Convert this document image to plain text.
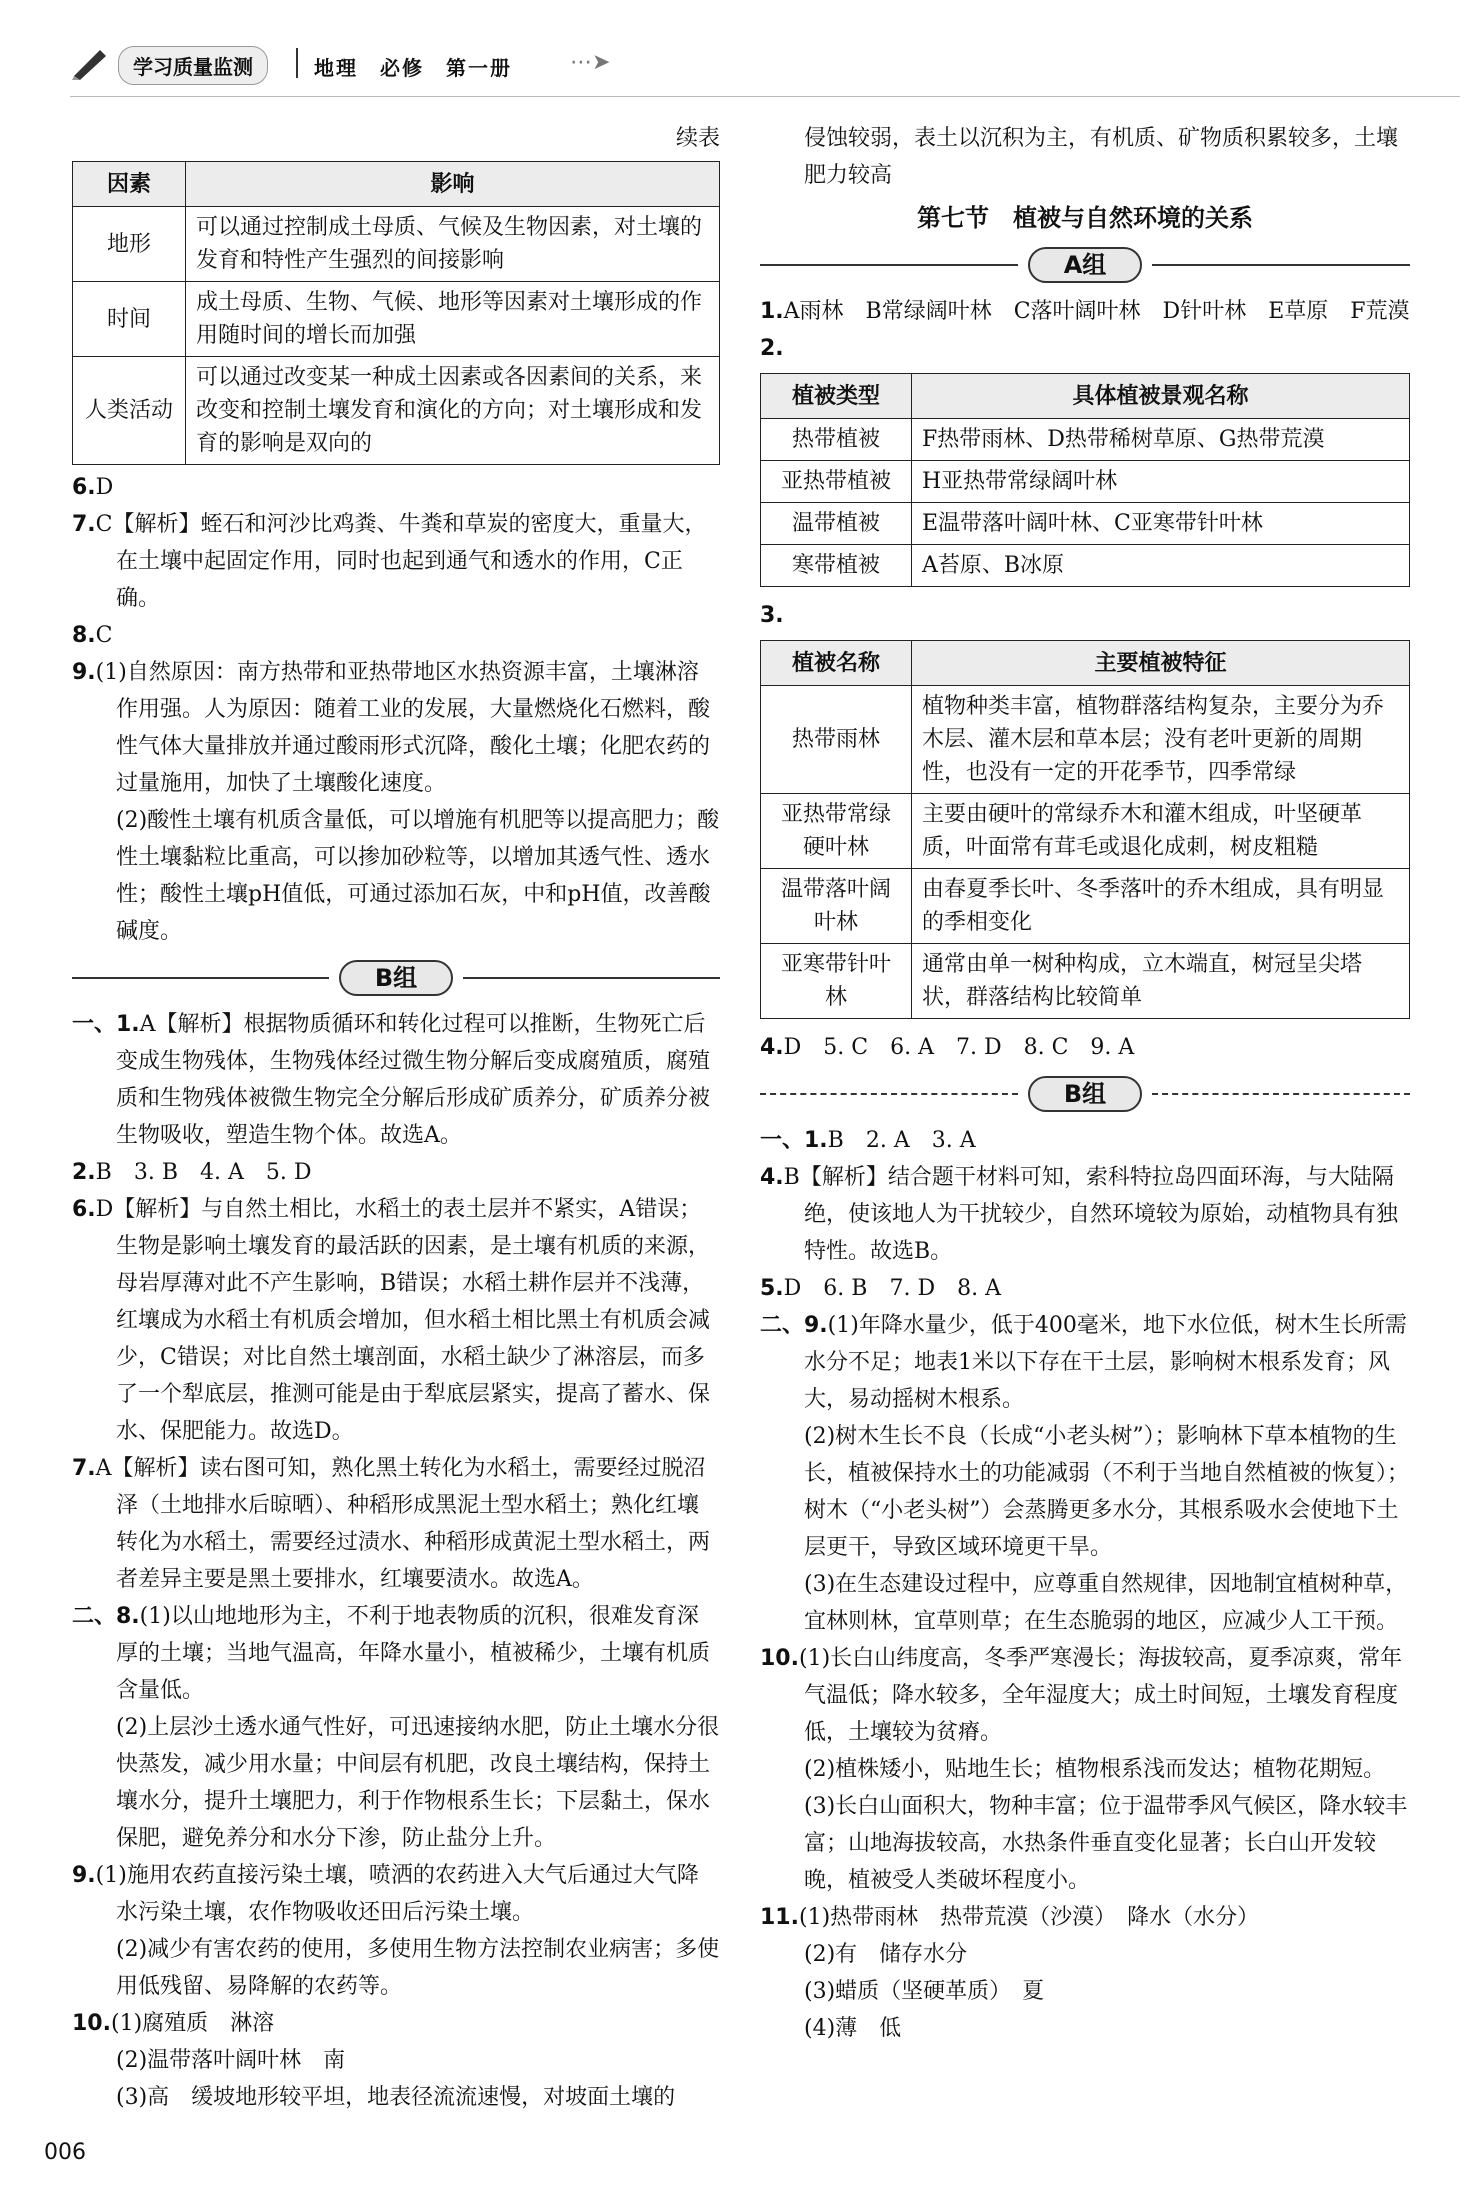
学习质量监测	地理　必修　第一册	⋯➤
续表
因素	影响
地形	可以通过控制成土母质、气候及生物因素，对土壤的发育和特性产生强烈的间接影响
时间	成土母质、生物、气候、地形等因素对土壤形成的作用随时间的增长而加强
人类活动	可以通过改变某一种成土因素或各因素间的关系，来改变和控制土壤发育和演化的方向；对土壤形成和发育的影响是双向的

6.D

7.C【解析】蛭石和河沙比鸡粪、牛粪和草炭的密度大，重量大，在土壤中起固定作用，同时也起到通气和透水的作用，C正确。

8.C

9.(1)自然原因：南方热带和亚热带地区水热资源丰富，土壤淋溶作用强。人为原因：随着工业的发展，大量燃烧化石燃料，酸性气体大量排放并通过酸雨形式沉降，酸化土壤；化肥农药的过量施用，加快了土壤酸化速度。

(2)酸性土壤有机质含量低，可以增施有机肥等以提高肥力；酸性土壤黏粒比重高，可以掺加砂粒等，以增加其透气性、透水性；酸性土壤pH值低，可通过添加石灰，中和pH值，改善酸碱度。

B组

一、1.A【解析】根据物质循环和转化过程可以推断，生物死亡后变成生物残体，生物残体经过微生物分解后变成腐殖质，腐殖质和生物残体被微生物完全分解后形成矿质养分，矿质养分被生物吸收，塑造生物个体。故选A。

2.B　3. B　4. A　5. D

6.D【解析】与自然土相比，水稻土的表土层并不紧实，A错误；生物是影响土壤发育的最活跃的因素，是土壤有机质的来源，母岩厚薄对此不产生影响，B错误；水稻土耕作层并不浅薄，红壤成为水稻土有机质会增加，但水稻土相比黑土有机质会减少，C错误；对比自然土壤剖面，水稻土缺少了淋溶层，而多了一个犁底层，推测可能是由于犁底层紧实，提高了蓄水、保水、保肥能力。故选D。

7.A【解析】读右图可知，熟化黑土转化为水稻土，需要经过脱沼泽（土地排水后晾晒）、种稻形成黑泥土型水稻土；熟化红壤转化为水稻土，需要经过渍水、种稻形成黄泥土型水稻土，两者差异主要是黑土要排水，红壤要渍水。故选A。

二、8.(1)以山地地形为主，不利于地表物质的沉积，很难发育深厚的土壤；当地气温高，年降水量小，植被稀少，土壤有机质含量低。

(2)上层沙土透水通气性好，可迅速接纳水肥，防止土壤水分很快蒸发，减少用水量；中间层有机肥，改良土壤结构，保持土壤水分，提升土壤肥力，利于作物根系生长；下层黏土，保水保肥，避免养分和水分下渗，防止盐分上升。

9.(1)施用农药直接污染土壤，喷洒的农药进入大气后通过大气降水污染土壤，农作物吸收还田后污染土壤。

(2)减少有害农药的使用，多使用生物方法控制农业病害；多使用低残留、易降解的农药等。

10.(1)腐殖质　淋溶

(2)温带落叶阔叶林　南

(3)高　缓坡地形较平坦，地表径流流速慢，对坡面土壤的

侵蚀较弱，表土以沉积为主，有机质、矿物质积累较多，土壤肥力较高

第七节　植被与自然环境的关系
A组

1.A雨林　B常绿阔叶林　C落叶阔叶林　D针叶林　E草原　F荒漠

2.

植被类型	具体植被景观名称
热带植被	F热带雨林、D热带稀树草原、G热带荒漠
亚热带植被	H亚热带常绿阔叶林
温带植被	E温带落叶阔叶林、C亚寒带针叶林
寒带植被	A苔原、B冰原

3.

植被名称	主要植被特征
热带雨林	植物种类丰富，植物群落结构复杂，主要分为乔木层、灌木层和草本层；没有老叶更新的周期性，也没有一定的开花季节，四季常绿
亚热带常绿硬叶林	主要由硬叶的常绿乔木和灌木组成，叶坚硬革质，叶面常有茸毛或退化成刺，树皮粗糙
温带落叶阔叶林	由春夏季长叶、冬季落叶的乔木组成，具有明显的季相变化
亚寒带针叶林	通常由单一树种构成，立木端直，树冠呈尖塔状，群落结构比较简单

4.D　5. C　6. A　7. D　8. C　9. A

B组

一、1.B　2. A　3. A

4.B【解析】结合题干材料可知，索科特拉岛四面环海，与大陆隔绝，使该地人为干扰较少，自然环境较为原始，动植物具有独特性。故选B。

5.D　6. B　7. D　8. A

二、9.(1)年降水量少，低于400毫米，地下水位低，树木生长所需水分不足；地表1米以下存在干土层，影响树木根系发育；风大，易动摇树木根系。

(2)树木生长不良（长成“小老头树”）；影响林下草本植物的生长，植被保持水土的功能减弱（不利于当地自然植被的恢复）；树木（“小老头树”）会蒸腾更多水分，其根系吸水会使地下土层更干，导致区域环境更干旱。

(3)在生态建设过程中，应尊重自然规律，因地制宜植树种草，宜林则林，宜草则草；在生态脆弱的地区，应减少人工干预。

10.(1)长白山纬度高，冬季严寒漫长；海拔较高，夏季凉爽，常年气温低；降水较多，全年湿度大；成土时间短，土壤发育程度低，土壤较为贫瘠。

(2)植株矮小，贴地生长；植物根系浅而发达；植物花期短。

(3)长白山面积大，物种丰富；位于温带季风气候区，降水较丰富；山地海拔较高，水热条件垂直变化显著；长白山开发较晚，植被受人类破坏程度小。

11.(1)热带雨林　热带荒漠（沙漠）　降水（水分）

(2)有　储存水分

(3)蜡质（坚硬革质）　夏

(4)薄　低

006
